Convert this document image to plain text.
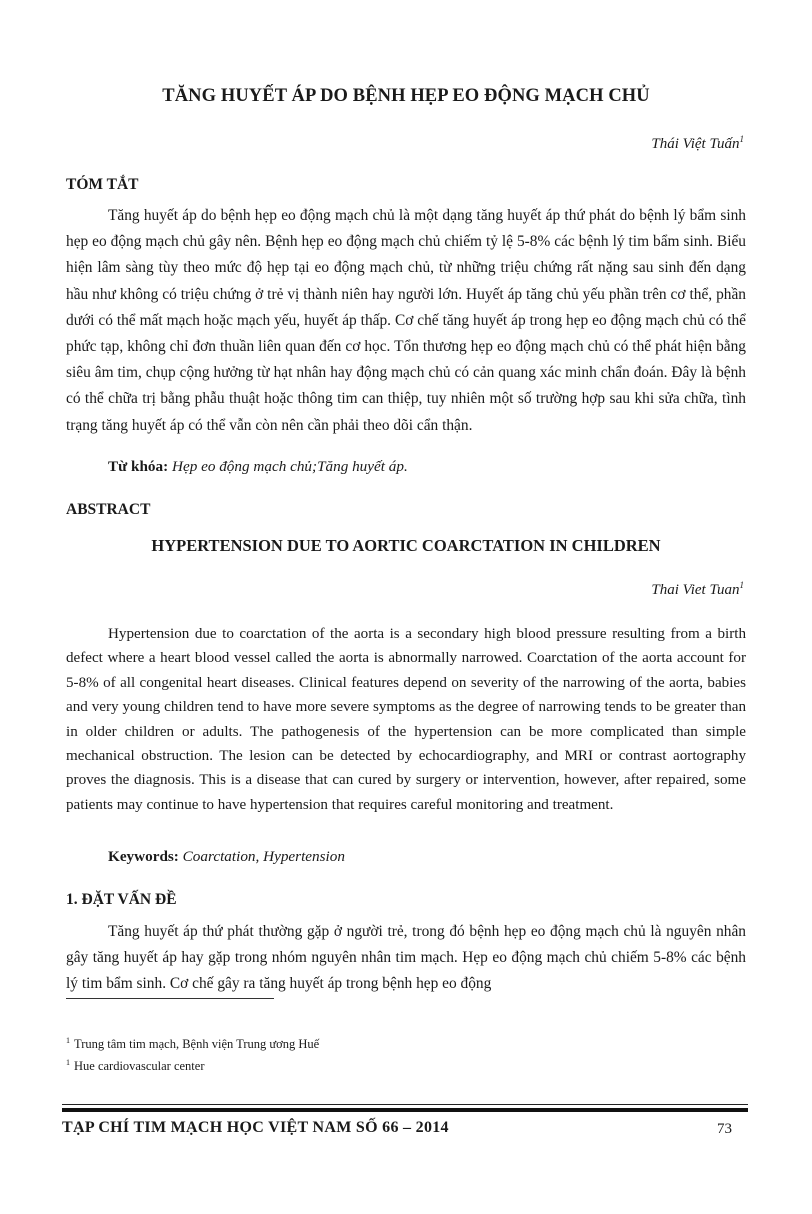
TĂNG HUYẾT ÁP DO BỆNH HẸP EO ĐỘNG MẠCH CHỦ
Thái Việt Tuấn$^1$
TÓM TẮT

Tăng huyết áp do bệnh hẹp eo động mạch chủ là một dạng tăng huyết áp thứ phát do bệnh lý bẩm sinh hẹp eo động mạch chủ gây nên. Bệnh hẹp eo động mạch chủ chiếm tỷ lệ 5-8% các bệnh lý tim bẩm sinh. Biểu hiện lâm sàng tùy theo mức độ hẹp tại eo động mạch chủ, từ những triệu chứng rất nặng sau sinh đến dạng hầu như không có triệu chứng ở trẻ vị thành niên hay người lớn. Huyết áp tăng chủ yếu phần trên cơ thể, phần dưới có thể mất mạch hoặc mạch yếu, huyết áp thấp. Cơ chế tăng huyết áp trong hẹp eo động mạch chủ có thể phức tạp, không chỉ đơn thuần liên quan đến cơ học. Tổn thương hẹp eo động mạch chủ có thể phát hiện bằng siêu âm tim, chụp cộng hưởng từ hạt nhân hay động mạch chủ có cản quang xác minh chẩn đoán. Đây là bệnh có thể chữa trị bằng phẫu thuật hoặc thông tim can thiệp, tuy nhiên một số trường hợp sau khi sửa chữa, tình trạng tăng huyết áp có thể vẫn còn nên cần phải theo dõi cẩn thận.

Từ khóa: Hẹp eo động mạch chủ;Tăng huyết áp.
ABSTRACT
HYPERTENSION DUE TO AORTIC COARCTATION IN CHILDREN
Thai Viet Tuan$^1$

Hypertension due to coarctation of the aorta is a secondary high blood pressure resulting from a birth defect where a heart blood vessel called the aorta is abnormally narrowed. Coarctation of the aorta account for 5-8% of all congenital heart diseases. Clinical features depend on severity of the narrowing of the aorta, babies and very young children tend to have more severe symptoms as the degree of narrowing tends to be greater than in older children or adults. The pathogenesis of the hypertension can be more complicated than simple mechanical obstruction. The lesion can be detected by echocardiography, and MRI or contrast aortography proves the diagnosis. This is a disease that can cured by surgery or intervention, however, after repaired, some patients may continue to have hypertension that requires careful monitoring and treatment.

Keywords: Coarctation, Hypertension
1. ĐẶT VẤN ĐỀ

Tăng huyết áp thứ phát thường gặp ở người trẻ, trong đó bệnh hẹp eo động mạch chủ là nguyên nhân gây tăng huyết áp hay gặp trong nhóm nguyên nhân tim mạch. Hẹp eo động mạch chủ chiếm 5-8% các bệnh lý tim bẩm sinh. Cơ chế gây ra tăng huyết áp trong bệnh hẹp eo động

$^1$ Trung tâm tim mạch, Bệnh viện Trung ương Huế
$^1$ Hue cardiovascular center
TẠP CHÍ TIM MẠCH HỌC VIỆT NAM SỐ 66 – 2014	73
